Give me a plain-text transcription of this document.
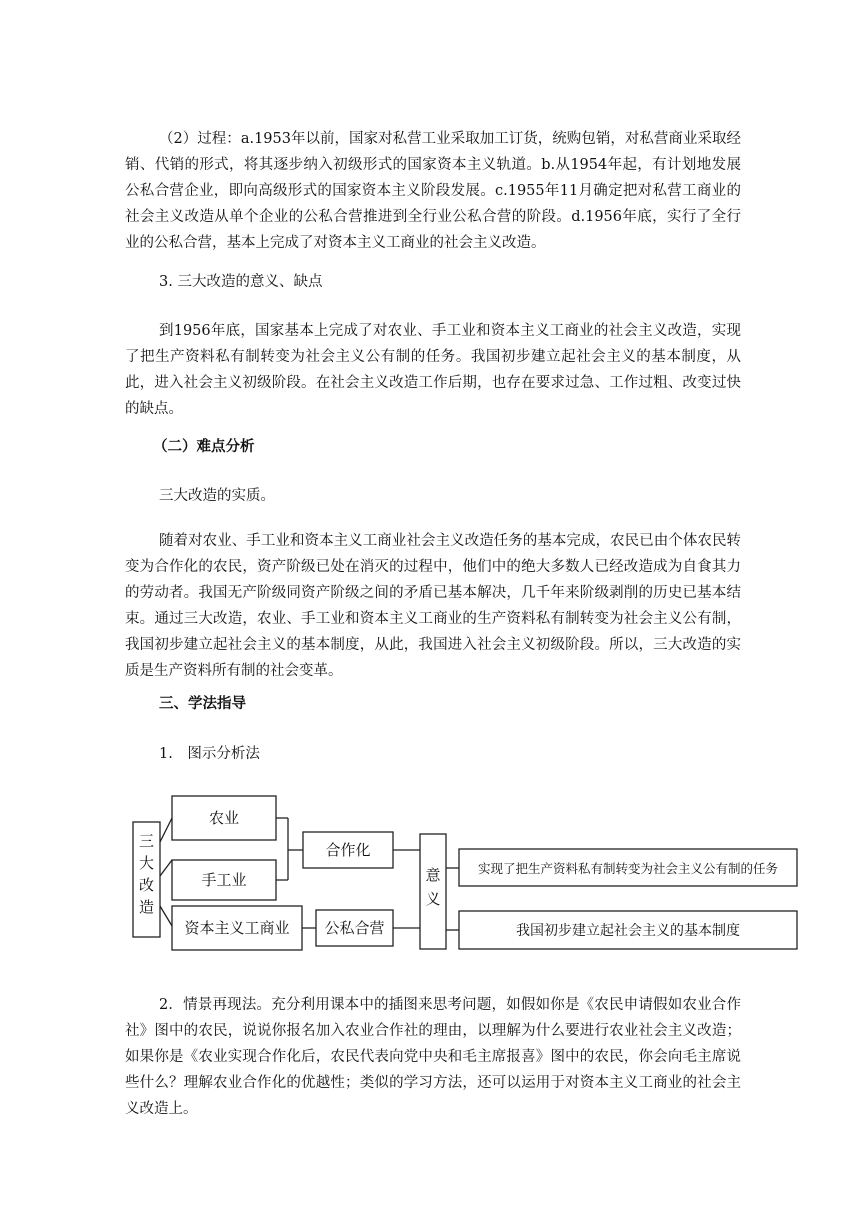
（2）过程：a.1953年以前，国家对私营工业采取加工订货，统购包销，对私营商业采取经销、代销的形式，将其逐步纳入初级形式的国家资本主义轨道。b.从1954年起，有计划地发展公私合营企业，即向高级形式的国家资本主义阶段发展。c.1955年11月确定把对私营工商业的社会主义改造从单个企业的公私合营推进到全行业公私合营的阶段。d.1956年底，实行了全行业的公私合营，基本上完成了对资本主义工商业的社会主义改造。

3. 三大改造的意义、缺点

到1956年底，国家基本上完成了对农业、手工业和资本主义工商业的社会主义改造，实现了把生产资料私有制转变为社会主义公有制的任务。我国初步建立起社会主义的基本制度，从此，进入社会主义初级阶段。在社会主义改造工作后期，也存在要求过急、工作过粗、改变过快的缺点。

（二）难点分析

三大改造的实质。

随着对农业、手工业和资本主义工商业社会主义改造任务的基本完成，农民已由个体农民转变为合作化的农民，资产阶级已处在消灭的过程中，他们中的绝大多数人已经改造成为自食其力的劳动者。我国无产阶级同资产阶级之间的矛盾已基本解决，几千年来阶级剥削的历史已基本结束。通过三大改造，农业、手工业和资本主义工商业的生产资料私有制转变为社会主义公有制，我国初步建立起社会主义的基本制度，从此，我国进入社会主义初级阶段。所以，三大改造的实质是生产资料所有制的社会变革。

三、学法指导

1.　图示分析法

三
大
改
造
农业
手工业
资本主义工商业
合作化
公私合营
意
义
实现了把生产资料私有制转变为社会主义公有制的任务
我国初步建立起社会主义的基本制度

2．情景再现法。充分利用课本中的插图来思考问题，如假如你是《农民申请假如农业合作社》图中的农民，说说你报名加入农业合作社的理由，以理解为什么要进行农业社会主义改造；如果你是《农业实现合作化后，农民代表向党中央和毛主席报喜》图中的农民，你会向毛主席说些什么？理解农业合作化的优越性；类似的学习方法，还可以运用于对资本主义工商业的社会主义改造上。
